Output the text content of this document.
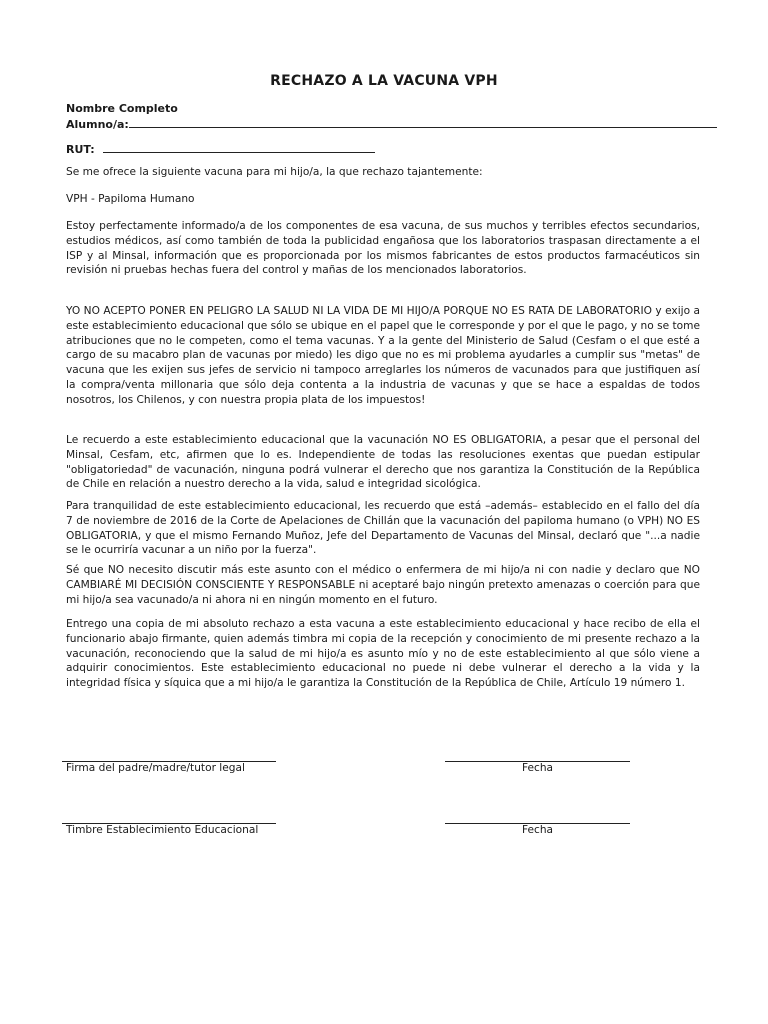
RECHAZO A LA VACUNA VPH
Nombre Completo
Alumno/a:
RUT:

Se me ofrece la siguiente vacuna para mi hijo/a, la que rechazo tajantemente:

VPH - Papiloma Humano

Estoy perfectamente informado/a de los componentes de esa vacuna, de sus muchos y terribles efectos secundarios, estudios médicos, así como también de toda la publicidad engañosa que los laboratorios traspasan directamente a el ISP y al Minsal, información que es proporcionada por los mismos fabricantes de estos productos farmacéuticos sin revisión ni pruebas hechas fuera del control y mañas de los mencionados laboratorios.

YO NO ACEPTO PONER EN PELIGRO LA SALUD NI LA VIDA DE MI HIJO/A PORQUE NO ES RATA DE LABORATORIO y exijo a este establecimiento educacional que sólo se ubique en el papel que le corresponde y por el que le pago, y no se tome atribuciones que no le competen, como el tema vacunas. Y a la gente del Ministerio de Salud (Cesfam o el que esté a cargo de su macabro plan de vacunas por miedo) les digo que no es mi problema ayudarles a cumplir sus "metas" de vacuna que les exijen sus jefes de servicio ni tampoco arreglarles los números de vacunados para que justifiquen así la compra/venta millonaria que sólo deja contenta a la industria de vacunas y que se hace a espaldas de todos nosotros, los Chilenos, y con nuestra propia plata de los impuestos!

Le recuerdo a este establecimiento educacional que la vacunación NO ES OBLIGATORIA, a pesar que el personal del Minsal, Cesfam, etc, afirmen que lo es. Independiente de todas las resoluciones exentas que puedan estipular "obligatoriedad" de vacunación, ninguna podrá vulnerar el derecho que nos garantiza la Constitución de la República de Chile en relación a nuestro derecho a la vida, salud e integridad sicológica.

Para tranquilidad de este establecimiento educacional, les recuerdo que está –además– establecido en el fallo del día 7 de noviembre de 2016 de la Corte de Apelaciones de Chillán que la vacunación del papiloma humano (o VPH) NO ES OBLIGATORIA, y que el mismo Fernando Muñoz, Jefe del Departamento de Vacunas del Minsal, declaró que "...a nadie se le ocurriría vacunar a un niño por la fuerza".

Sé que NO necesito discutir más este asunto con el médico o enfermera de mi hijo/a ni con nadie y declaro que NO CAMBIARÉ MI DECISIÓN CONSCIENTE Y RESPONSABLE ni aceptaré bajo ningún pretexto amenazas o coerción para que mi hijo/a sea vacunado/a ni ahora ni en ningún momento en el futuro.

Entrego una copia de mi absoluto rechazo a esta vacuna a este establecimiento educacional y hace recibo de ella el funcionario abajo firmante, quien además timbra mi copia de la recepción y conocimiento de mi presente rechazo a la vacunación, reconociendo que la salud de mi hijo/a es asunto mío y no de este establecimiento al que sólo viene a adquirir conocimientos. Este establecimiento educacional no puede ni debe vulnerar el derecho a la vida y la integridad física y síquica que a mi hijo/a le garantiza la Constitución de la República de Chile, Artículo 19 número 1.

Firma del padre/madre/tutor legal	Fecha
Timbre Establecimiento Educacional	Fecha
